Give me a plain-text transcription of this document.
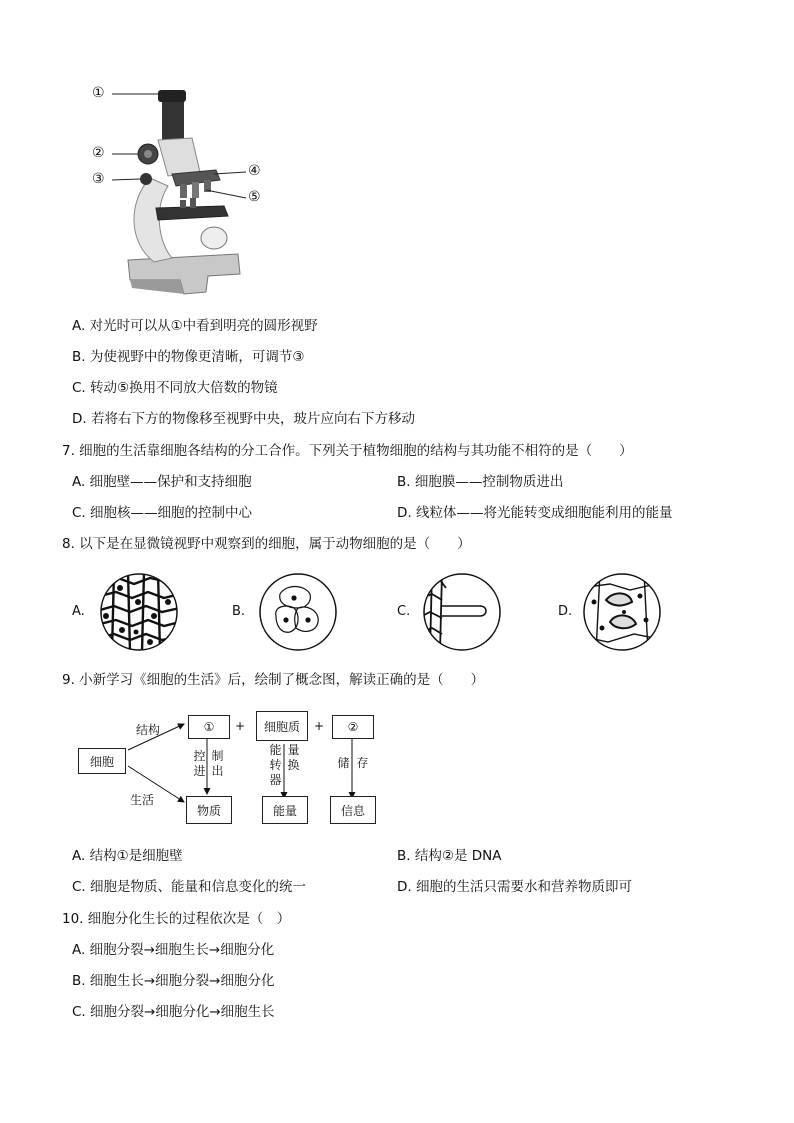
①
②
③	④
⑤
A. 对光时可以从①中看到明亮的圆形视野
B. 为使视野中的物像更清晰，可调节③
C. 转动⑤换用不同放大倍数的物镜
D. 若将右下方的物像移至视野中央，玻片应向右下方移动
7. 细胞的生活靠细胞各结构的分工合作。下列关于植物细胞的结构与其功能不相符的是（　　）
A. 细胞壁——保护和支持细胞	B. 细胞膜——控制物质进出
C. 细胞核——细胞的控制中心	D. 线粒体——将光能转变成细胞能利用的能量
8. 以下是在显微镜视野中观察到的细胞，属于动物细胞的是（　　）
A.	B.	C.	D.
9. 小新学习《细胞的生活》后，绘制了概念图，解读正确的是（　　）
细胞
结构
生活
①	+	细胞质	+	②
控进
制出
能转器
量换	储 存
物质	能量	信息
A. 结构①是细胞壁	B. 结构②是 DNA
C. 细胞是物质、能量和信息变化的统一	D. 细胞的生活只需要水和营养物质即可
10. 细胞分化生长的过程依次是（　）
A. 细胞分裂→细胞生长→细胞分化
B. 细胞生长→细胞分裂→细胞分化
C. 细胞分裂→细胞分化→细胞生长
